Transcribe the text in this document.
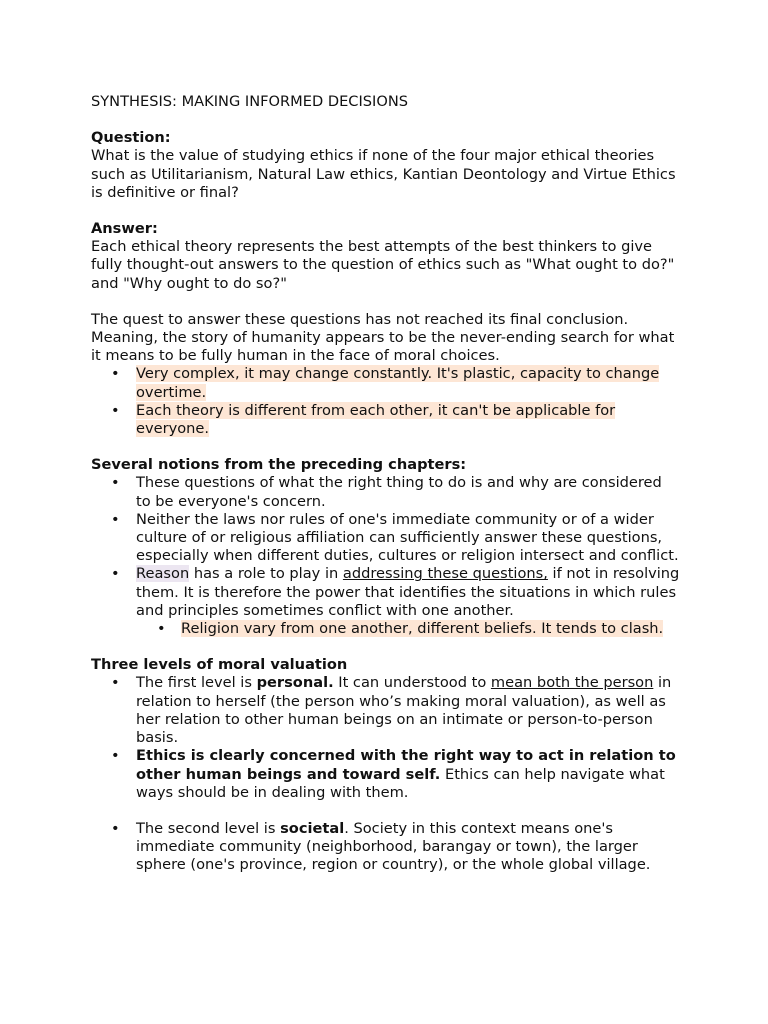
SYNTHESIS: MAKING INFORMED DECISIONS

Question:

What is the value of studying ethics if none of the four major ethical theories such as Utilitarianism, Natural Law ethics, Kantian Deontology and Virtue Ethics is definitive or final?

Answer:

Each ethical theory represents the best attempts of the best thinkers to give fully thought-out answers to the question of ethics such as "What ought to do?" and "Why ought to do so?"

The quest to answer these questions has not reached its final conclusion. Meaning, the story of humanity appears to be the never-ending search for what it means to be fully human in the face of moral choices.

• Very complex, it may change constantly. It's plastic, capacity to change overtime.
• Each theory is different from each other, it can't be applicable for everyone.

Several notions from the preceding chapters:

• These questions of what the right thing to do is and why are considered to be everyone's concern.
• Neither the laws nor rules of one's immediate community or of a wider culture of or religious affiliation can sufficiently answer these questions, especially when different duties, cultures or religion intersect and conflict.
• Reason has a role to play in addressing these questions, if not in resolving them. It is therefore the power that identifies the situations in which rules and principles sometimes conflict with one another.
• Religion vary from one another, different beliefs. It tends to clash.

Three levels of moral valuation

• The first level is personal. It can understood to mean both the person in relation to herself (the person who’s making moral valuation), as well as her relation to other human beings on an intimate or person-to-person basis.
• Ethics is clearly concerned with the right way to act in relation to other human beings and toward self. Ethics can help navigate what ways should be in dealing with them.
• The second level is societal. Society in this context means one's immediate community (neighborhood, barangay or town), the larger sphere (one's province, region or country), or the whole global village.
